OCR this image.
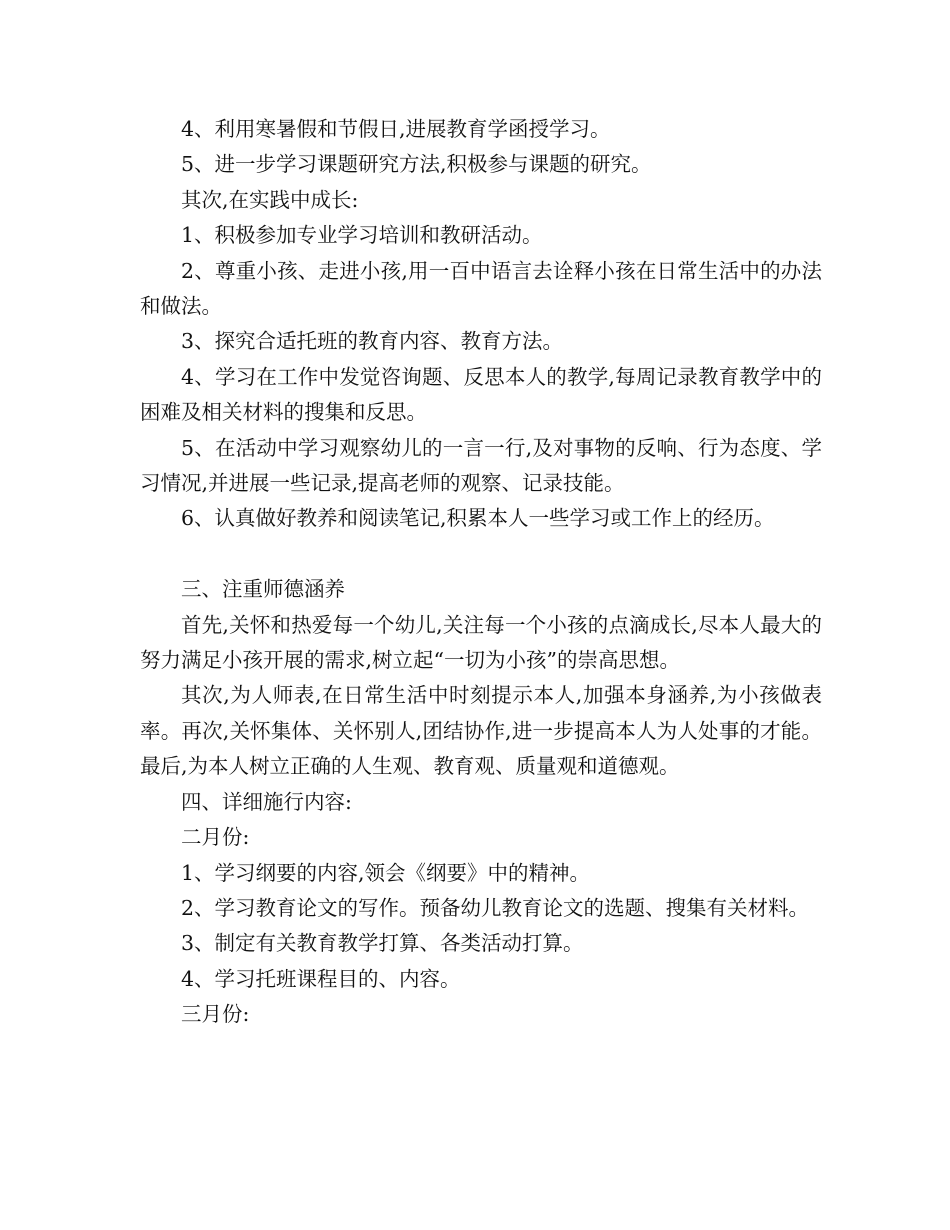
4、利用寒暑假和节假日,进展教育学函授学习。

5、进一步学习课题研究方法,积极参与课题的研究。

其次,在实践中成长:

1、积极参加专业学习培训和教研活动。

2、尊重小孩、走进小孩,用一百中语言去诠释小孩在日常生活中的办法和做法。

3、探究合适托班的教育内容、教育方法。

4、学习在工作中发觉咨询题、反思本人的教学,每周记录教育教学中的困难及相关材料的搜集和反思。

5、在活动中学习观察幼儿的一言一行,及对事物的反响、行为态度、学习情况,并进展一些记录,提高老师的观察、记录技能。

6、认真做好教养和阅读笔记,积累本人一些学习或工作上的经历。

三、注重师德涵养

首先,关怀和热爱每一个幼儿,关注每一个小孩的点滴成长,尽本人最大的努力满足小孩开展的需求,树立起“一切为小孩”的崇高思想。

其次,为人师表,在日常生活中时刻提示本人,加强本身涵养,为小孩做表率。再次,关怀集体、关怀别人,团结协作,进一步提高本人为人处事的才能。最后,为本人树立正确的人生观、教育观、质量观和道德观。

四、详细施行内容:

二月份:

1、学习纲要的内容,领会《纲要》中的精神。

2、学习教育论文的写作。预备幼儿教育论文的选题、搜集有关材料。

3、制定有关教育教学打算、各类活动打算。

4、学习托班课程目的、内容。

三月份:
